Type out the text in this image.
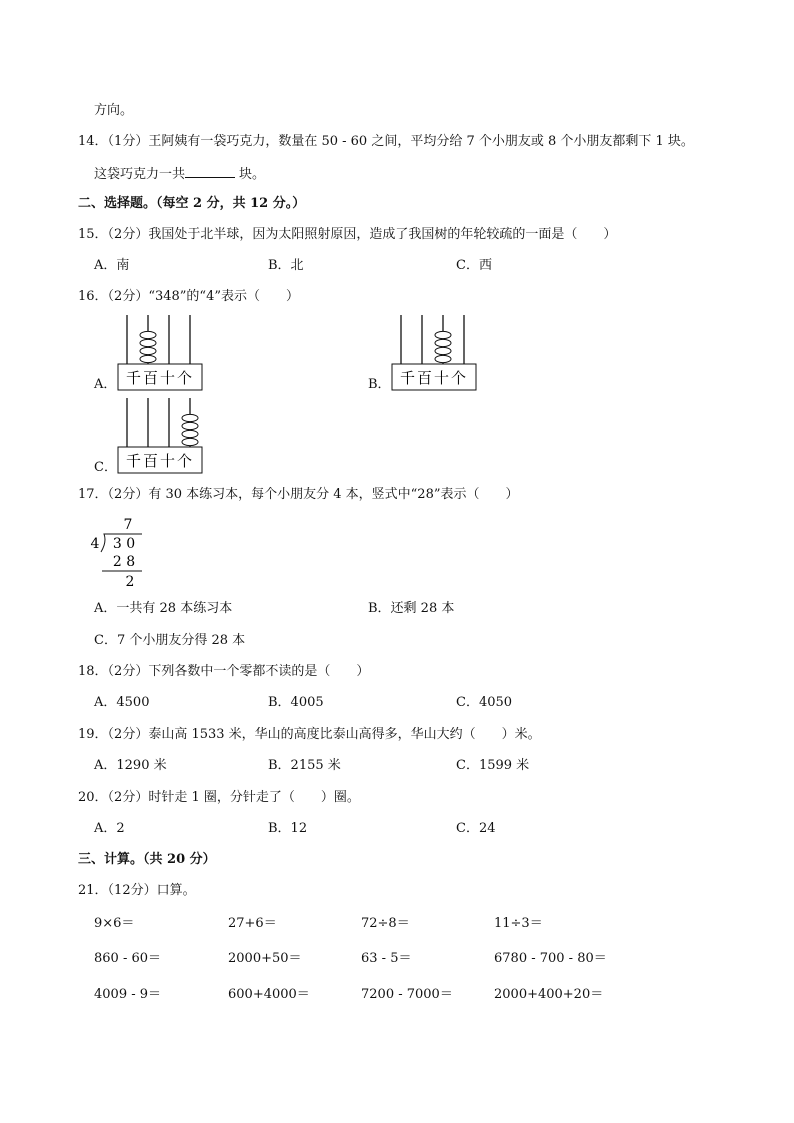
方向。
14．（1分）王阿姨有一袋巧克力，数量在 50 - 60 之间，平均分给 7 个小朋友或 8 个小朋友都剩下 1 块。
这袋巧克力一共	块。
二、选择题。（每空 2 分，共 12 分。）
15．（2分）我国处于北半球，因为太阳照射原因，造成了我国树的年轮较疏的一面是（　　）
A．南	B．北	C．西
16．（2分）“348”的“4”表示（　　）
A． 千百十个	B． 千百十个
C． 千百十个
17．（2分）有 30 本练习本，每个小朋友分 4 本，竖式中“28”表示（　　）
7
4 3 0
2 8
2
A．一共有 28 本练习本	B．还剩 28 本
C．7 个小朋友分得 28 本
18．（2分）下列各数中一个零都不读的是（　　）
A．4500	B．4005	C．4050
19．（2分）泰山高 1533 米，华山的高度比泰山高得多，华山大约（　　）米。
A．1290 米	B．2155 米	C．1599 米
20．（2分）时针走 1 圈，分针走了（　　）圈。
A．2	B．12	C．24
三、计算。（共 20 分）
21．（12分）口算。
9×6＝	27+6＝	72÷8＝	11÷3＝
860 - 60＝	2000+50＝	63 - 5＝	6780 - 700 - 80＝
4009 - 9＝	600+4000＝	7200 - 7000＝	2000+400+20＝
